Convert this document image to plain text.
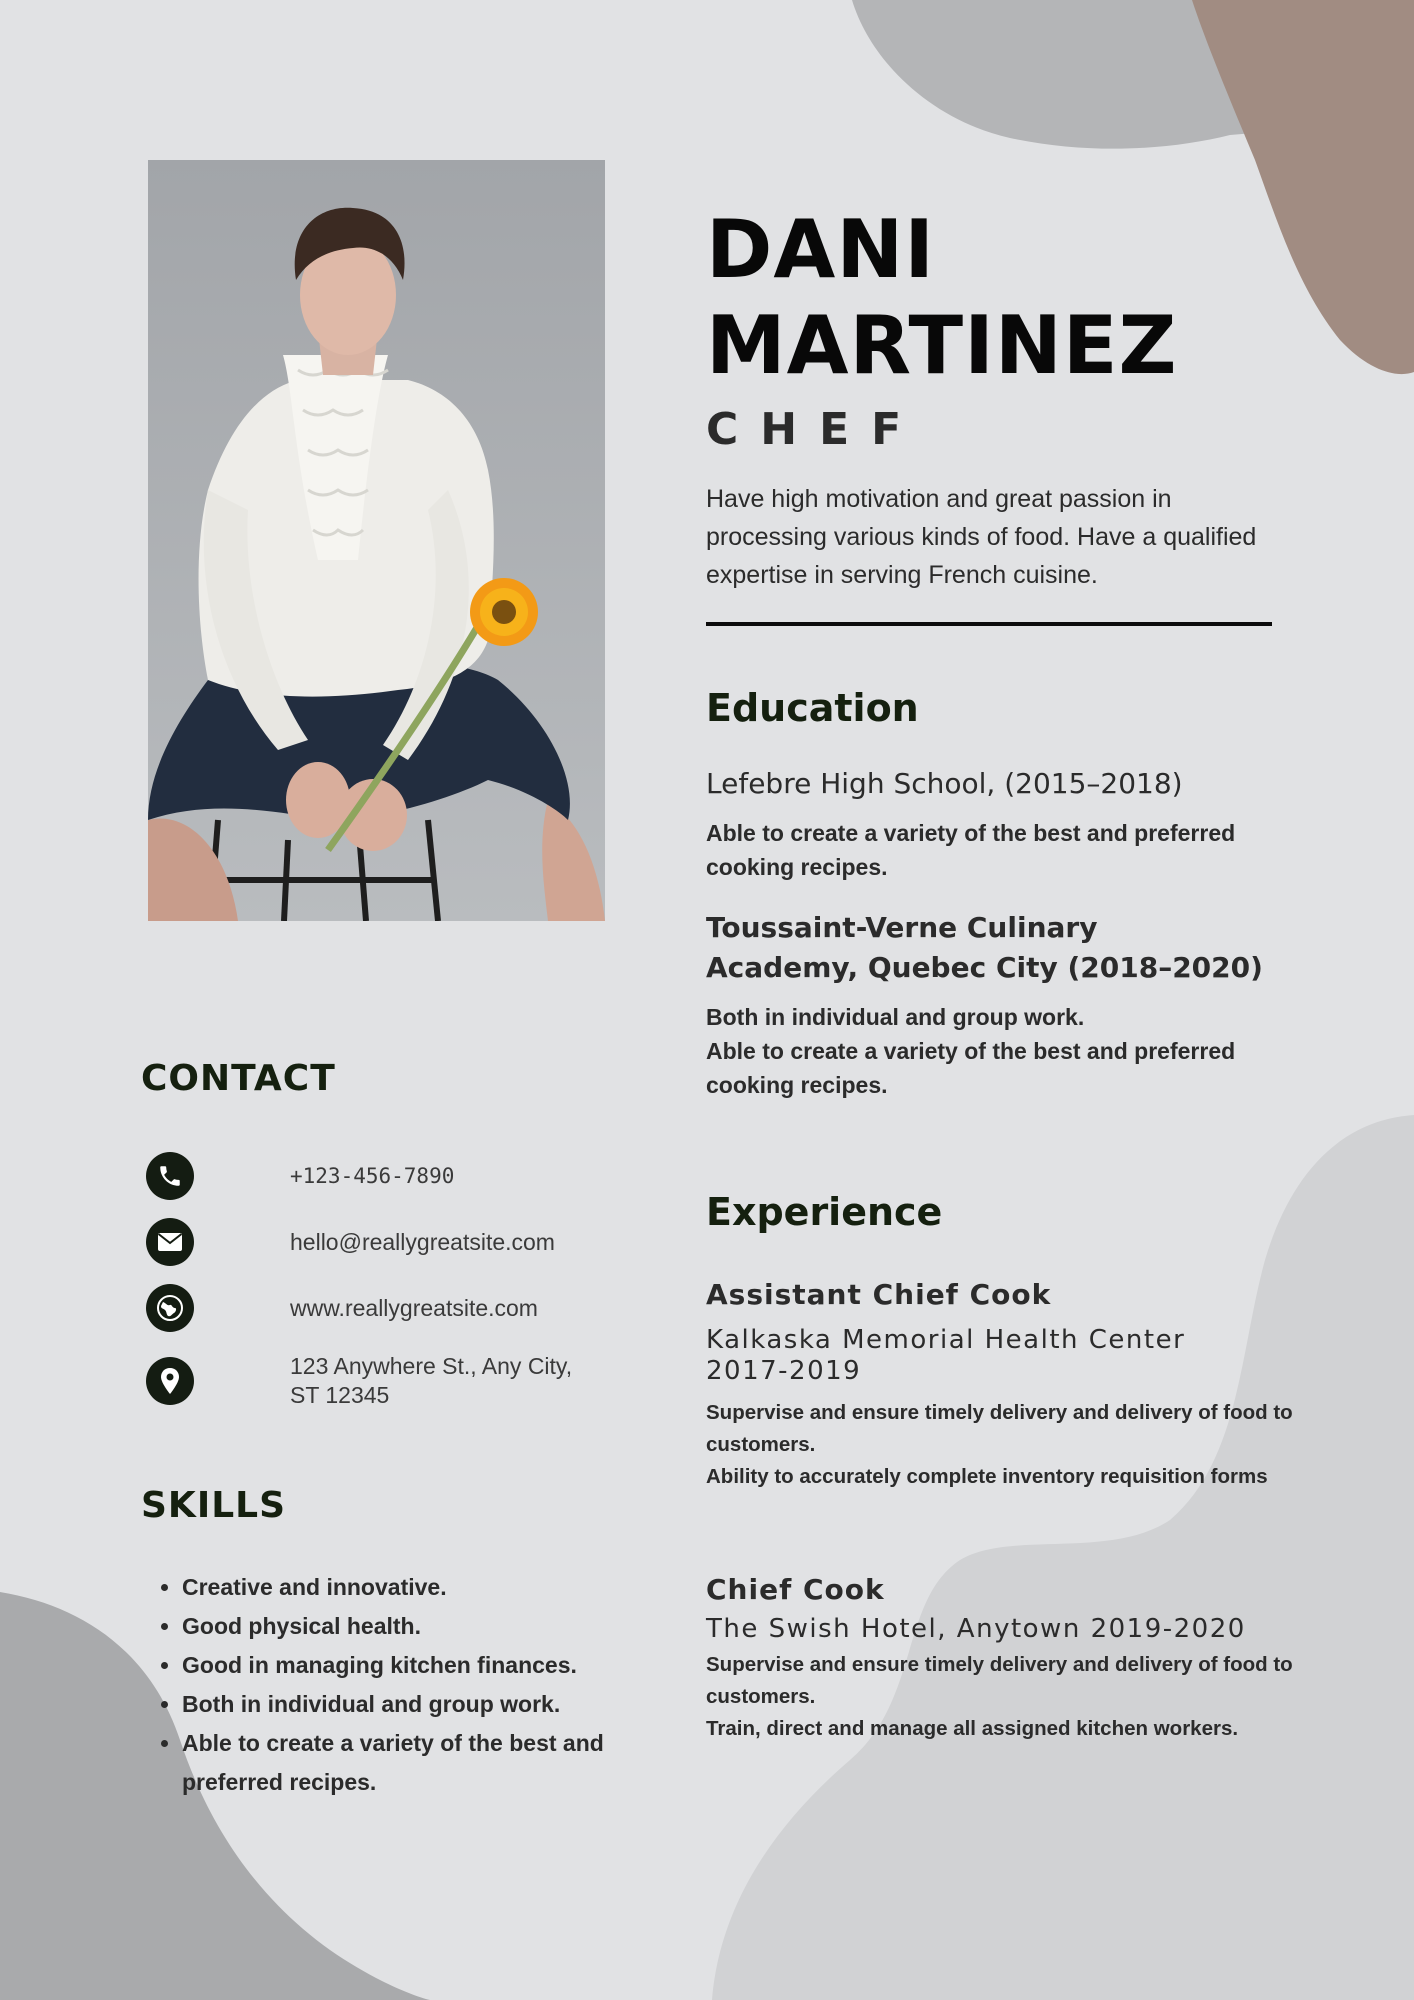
DANI
MARTINEZ
CHEF
Have high motivation and great passion in processing various kinds of food. Have a qualified expertise in serving French cuisine.
Education

Lefebre High School, (2015–2018)

Able to create a variety of the best and preferred cooking recipes.

Toussaint-Verne Culinary

Academy, Quebec City (2018–2020)

Both in individual and group work.

Able to create a variety of the best and preferred cooking recipes.

Experience

Assistant Chief Cook

Kalkaska Memorial Health Center

2017-2019

Supervise and ensure timely delivery and delivery of food to customers.

Ability to accurately complete inventory requisition forms

Chief Cook

The Swish Hotel, Anytown 2019-2020

Supervise and ensure timely delivery and delivery of food to customers.

Train, direct and manage all assigned kitchen workers.

CONTACT
+123-456-7890
hello@reallygreatsite.com
www.reallygreatsite.com
123 Anywhere St., Any City,
ST 12345
SKILLS
• Creative and innovative.
• Good physical health.
• Good in managing kitchen finances.
• Both in individual and group work.
• Able to create a variety of the best and preferred recipes.
